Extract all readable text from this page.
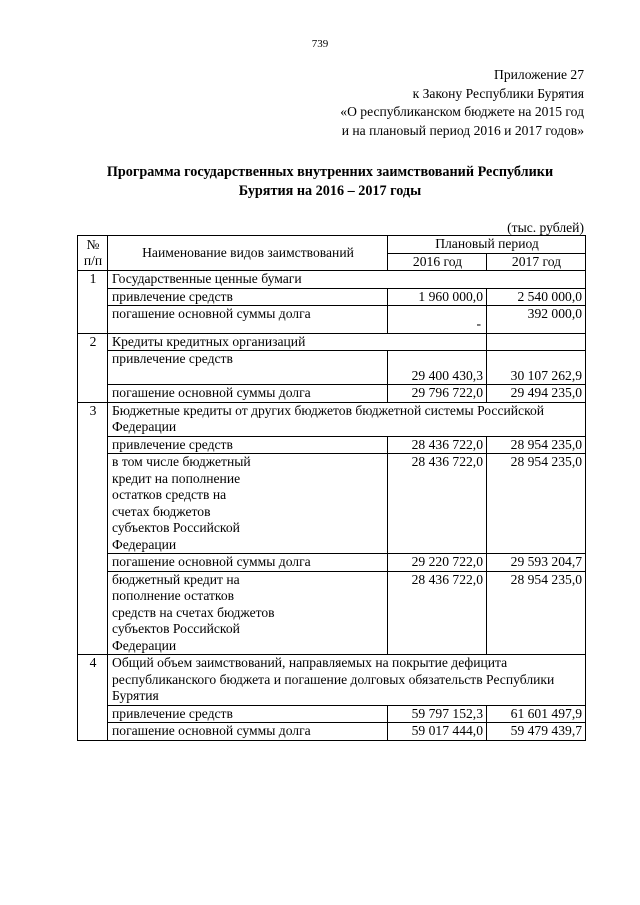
739
Приложение 27
к Закону Республики Бурятия
«О республиканском бюджете на 2015 год
и на плановый период 2016 и 2017 годов»
Программа государственных внутренних заимствований Республики
Бурятия на 2016 – 2017 годы
(тыс. рублей)
№
п/п	Наименование видов заимствований	Плановый период	
		2016 год	2017 год
1	Государственные ценные бумаги		
	привлечение средств	1 960 000,0	2 540 000,0
	погашение основной суммы долга	-	392 000,0
2	Кредиты кредитных организаций		
	привлечение средств	29 400 430,3	30 107 262,9
	погашение основной суммы долга	29 796 722,0	29 494 235,0
3	Бюджетные кредиты от других бюджетов бюджетной системы Российской Федерации		
	привлечение средств	28 436 722,0	28 954 235,0
	в том числе бюджетный кредит на пополнение остатков средств на счетах бюджетов субъектов Российской Федерации	28 436 722,0	28 954 235,0
	погашение основной суммы долга	29 220 722,0	29 593 204,7
	бюджетный кредит на пополнение остатков средств на счетах бюджетов субъектов Российской Федерации	28 436 722,0	28 954 235,0
4	Общий объем заимствований, направляемых на покрытие дефицита республиканского бюджета и погашение долговых обязательств Республики Бурятия		
	привлечение средств	59 797 152,3	61 601 497,9
	погашение основной суммы долга	59 017 444,0	59 479 439,7
